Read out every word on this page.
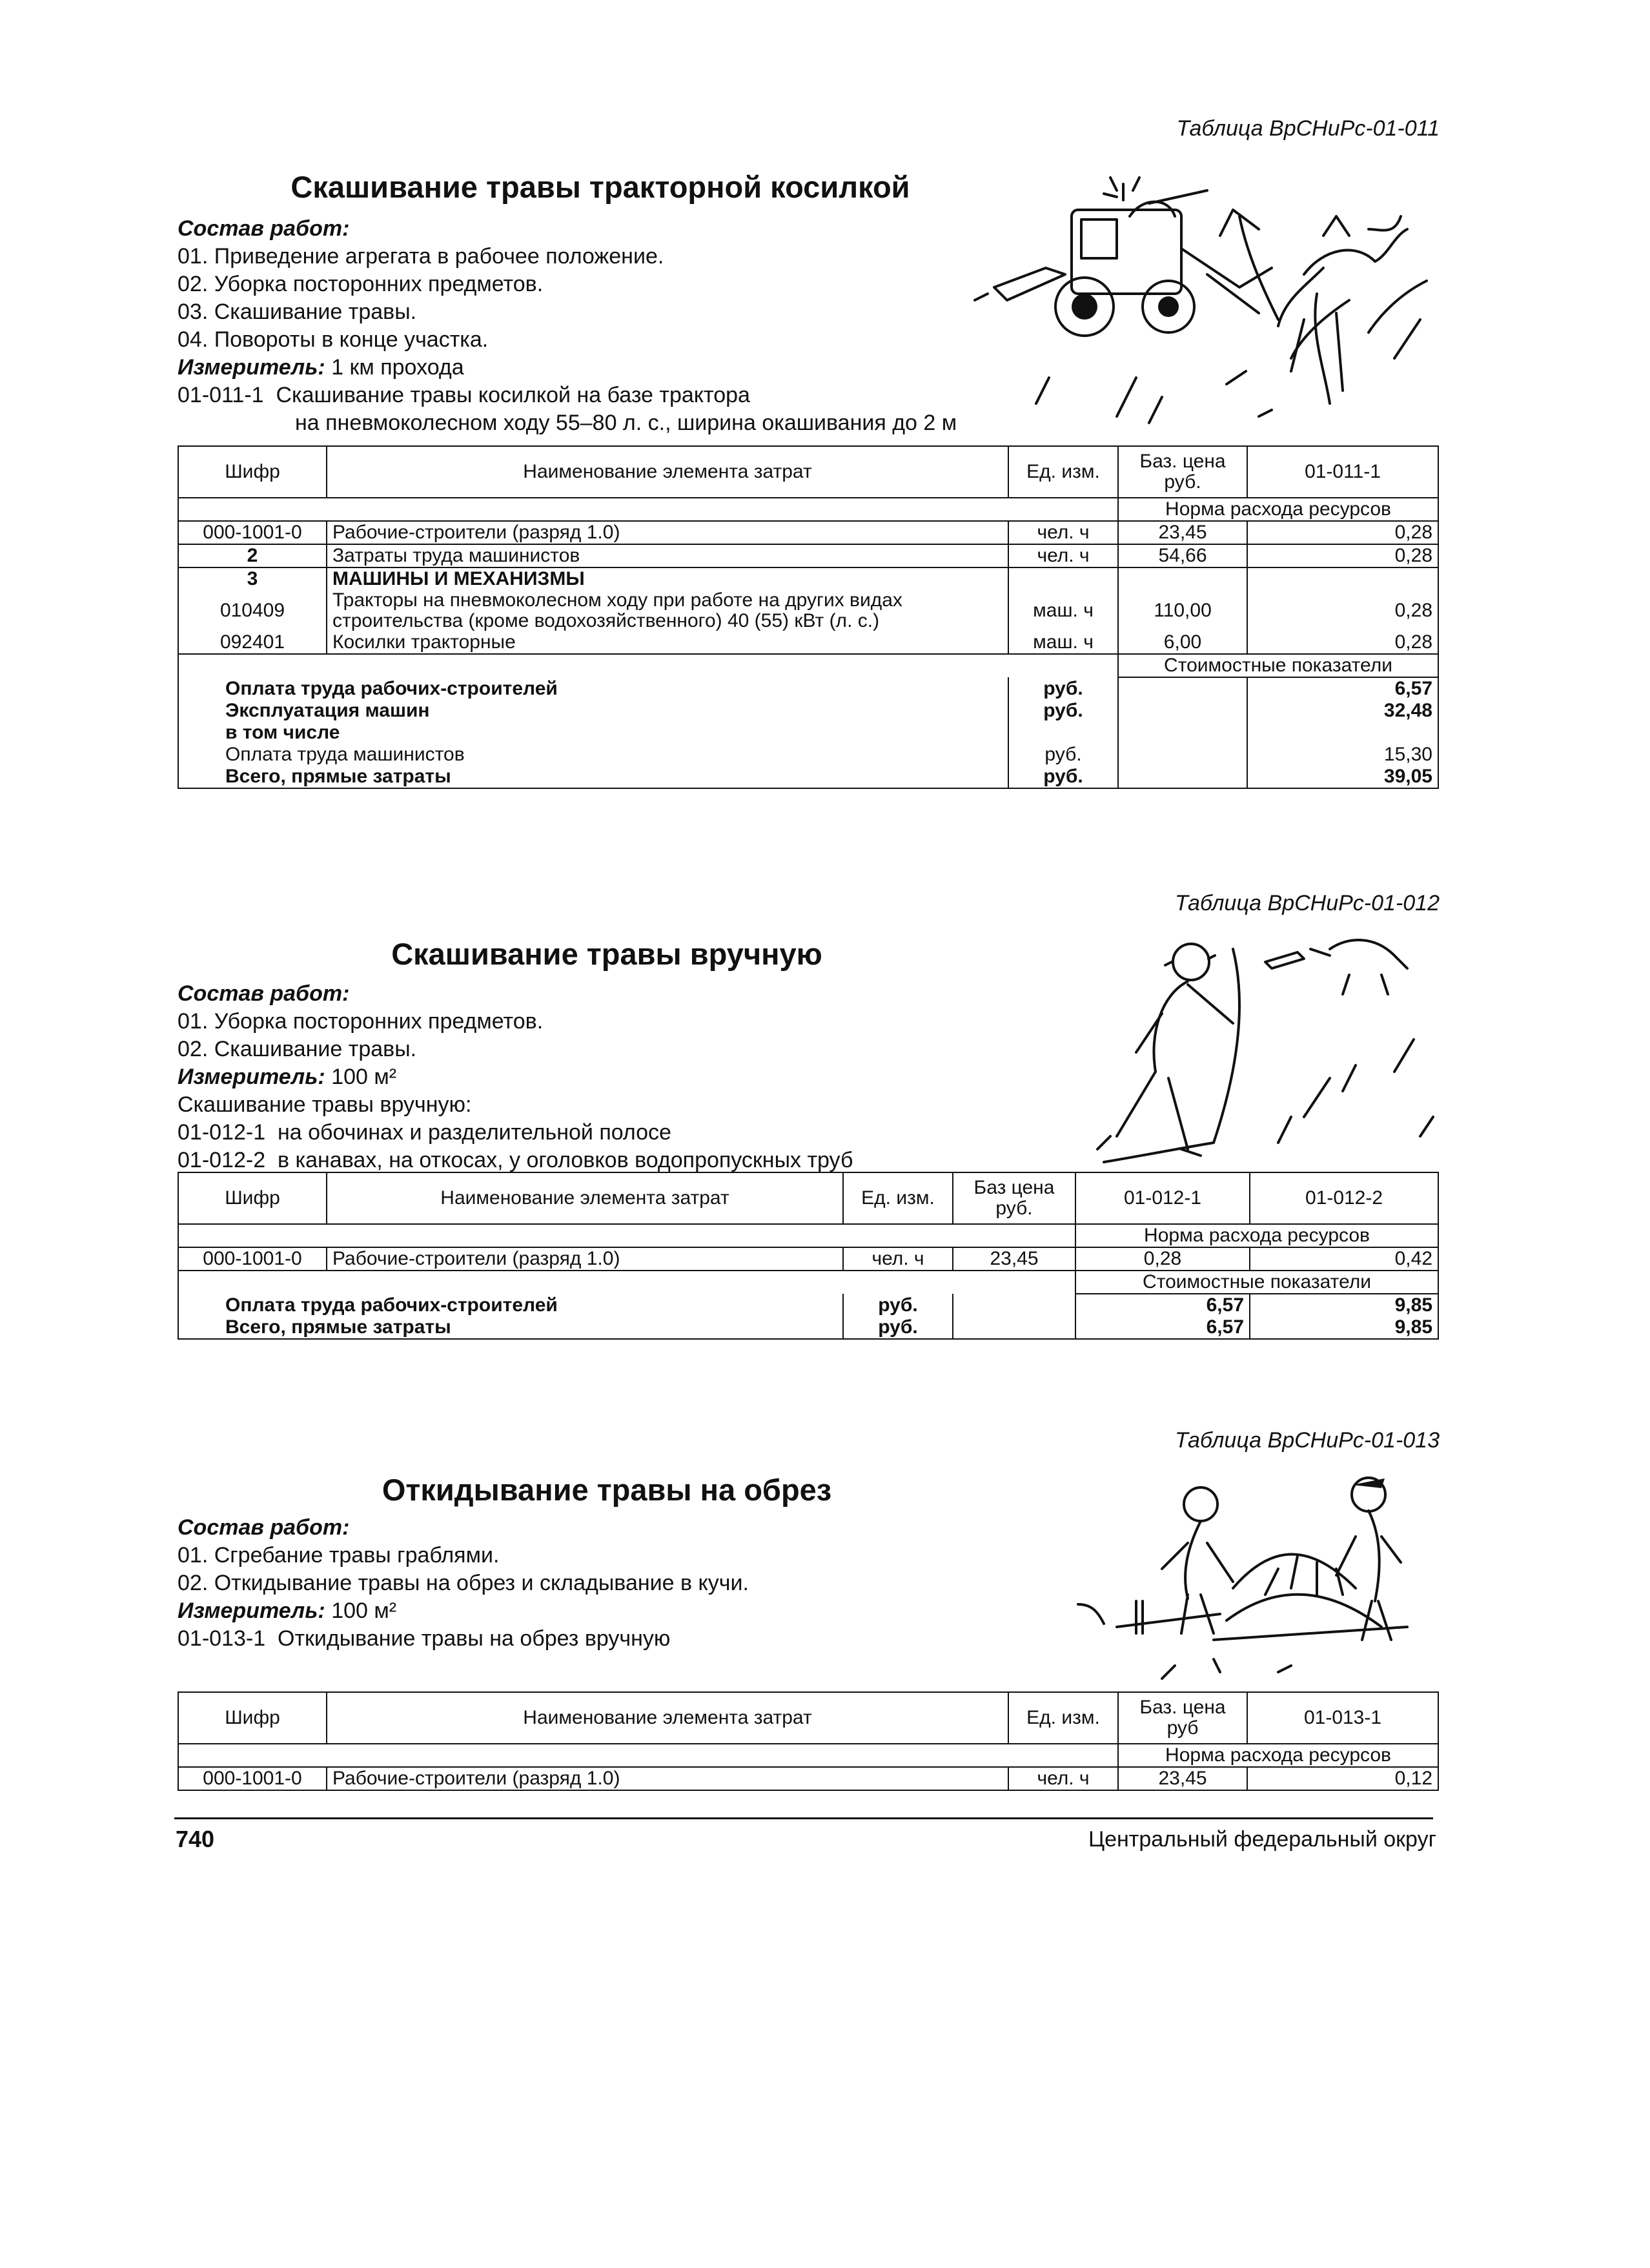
Таблица ВрСНиРс-01-011
Скашивание травы тракторной косилкой
Состав работ:
01. Приведение агрегата в рабочее положение.
02. Уборка посторонних предметов.
03. Скашивание травы.
04. Повороты в конце участка.
Измеритель: 1 км прохода
01-011-1  Скашивание травы косилкой на базе трактора
на пневмоколесном ходу 55–80 л. с., ширина окашивания до 2 м
Шифр	Наименование элемента затрат	Ед. изм.	Баз. цена руб.	01-011-1
			Норма расхода ресурсов	
000-1001-0	Рабочие-строители (разряд 1.0)	чел. ч	23,45	0,28
2	Затраты труда машинистов	чел. ч	54,66	0,28
3	МАШИНЫ И МЕХАНИЗМЫ			
010409	Тракторы на пневмоколесном ходу при работе на других видах строительства (кроме водохозяйственного) 40 (55) кВт (л. с.)	маш. ч	110,00	0,28
092401	Косилки тракторные	маш. ч	6,00	0,28
			Стоимостные показатели	
Оплата труда рабочих-строителей		руб.		6,57
Эксплуатация машин		руб.		32,48
в том числе				
Оплата труда машинистов		руб.		15,30
Всего, прямые затраты		руб.		39,05
Таблица ВрСНиРс-01-012
Скашивание травы вручную
Состав работ:
01. Уборка посторонних предметов.
02. Скашивание травы.
Измеритель: 100 м²
Скашивание травы вручную:
01-012-1  на обочинах и разделительной полосе
01-012-2  в канавах, на откосах, у оголовков водопропускных труб
Шифр	Наименование элемента затрат	Ед. изм.	Баз цена руб.	01-012-1	01-012-2
				Норма расхода ресурсов	
000-1001-0	Рабочие-строители (разряд 1.0)	чел. ч	23,45	0,28	0,42
				Стоимостные показатели	
Оплата труда рабочих-строителей		руб.		6,57	9,85
Всего, прямые затраты		руб.		6,57	9,85
Таблица ВрСНиРс-01-013
Откидывание травы на обрез
Состав работ:
01. Сгребание травы граблями.
02. Откидывание травы на обрез и складывание в кучи.
Измеритель: 100 м²
01-013-1  Откидывание травы на обрез вручную
Шифр	Наименование элемента затрат	Ед. изм.	Баз. цена руб	01-013-1
			Норма расхода ресурсов	
000-1001-0	Рабочие-строители (разряд 1.0)	чел. ч	23,45	0,12
740	Центральный федеральный округ
